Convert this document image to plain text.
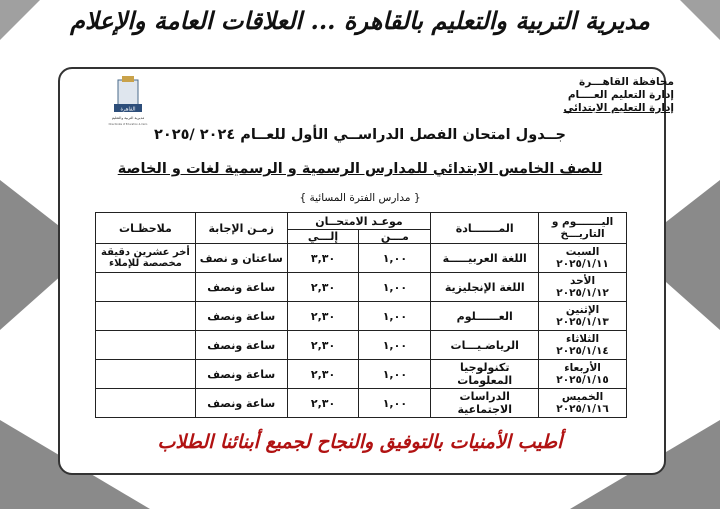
مديرية التربية والتعليم بالقاهرة ... العلاقات العامة والإعلام
محافظة القاهـــرة
إدارة التعليم العــــام
إدارة التعليم الابتدائي
القاهرة
مديرية التربية والتعليم
Directorate of Education & Cairo
جــدول امتحان الفصل الدراســي الأول للعــام ٢٠٢٤ /٢٠٢٥
للصف الخامس الابتدائي للمدارس الرسمية و الرسمية لغات و الخاصة
{ مدارس الفترة المسائية }
اليـــــــوم و التاريـــخ	المـــــــادة	موعـد الامتحــان		زمـن الإجابة	ملاحظـات
		مـــن	إلـــي		

السبت
٢٠٢٥/١/١١	اللغة العربيـــــة	١,٠٠	٣,٣٠	ساعتان و نصف	أخر عشرين دقيقة مخصصة للإملاء

الأحد
٢٠٢٥/١/١٢	اللغة الإنجليزية	١,٠٠	٢,٣٠	ساعة ونصف	

الإثنين
٢٠٢٥/١/١٣	العــــــلوم	١,٠٠	٢,٣٠	ساعة ونصف	

الثلاثاء
٢٠٢٥/١/١٤	الرياضـيـــات	١,٠٠	٢,٣٠	ساعة ونصف	

الأربعاء
٢٠٢٥/١/١٥	تكنولوجيا المعلومات	١,٠٠	٢,٣٠	ساعة ونصف	

الخميس
٢٠٢٥/١/١٦	الدراسات الاجتماعية	١,٠٠	٢,٣٠	ساعة ونصف	
أطيب الأمنيات بالتوفيق والنجاح لجميع أبنائنا الطلاب
